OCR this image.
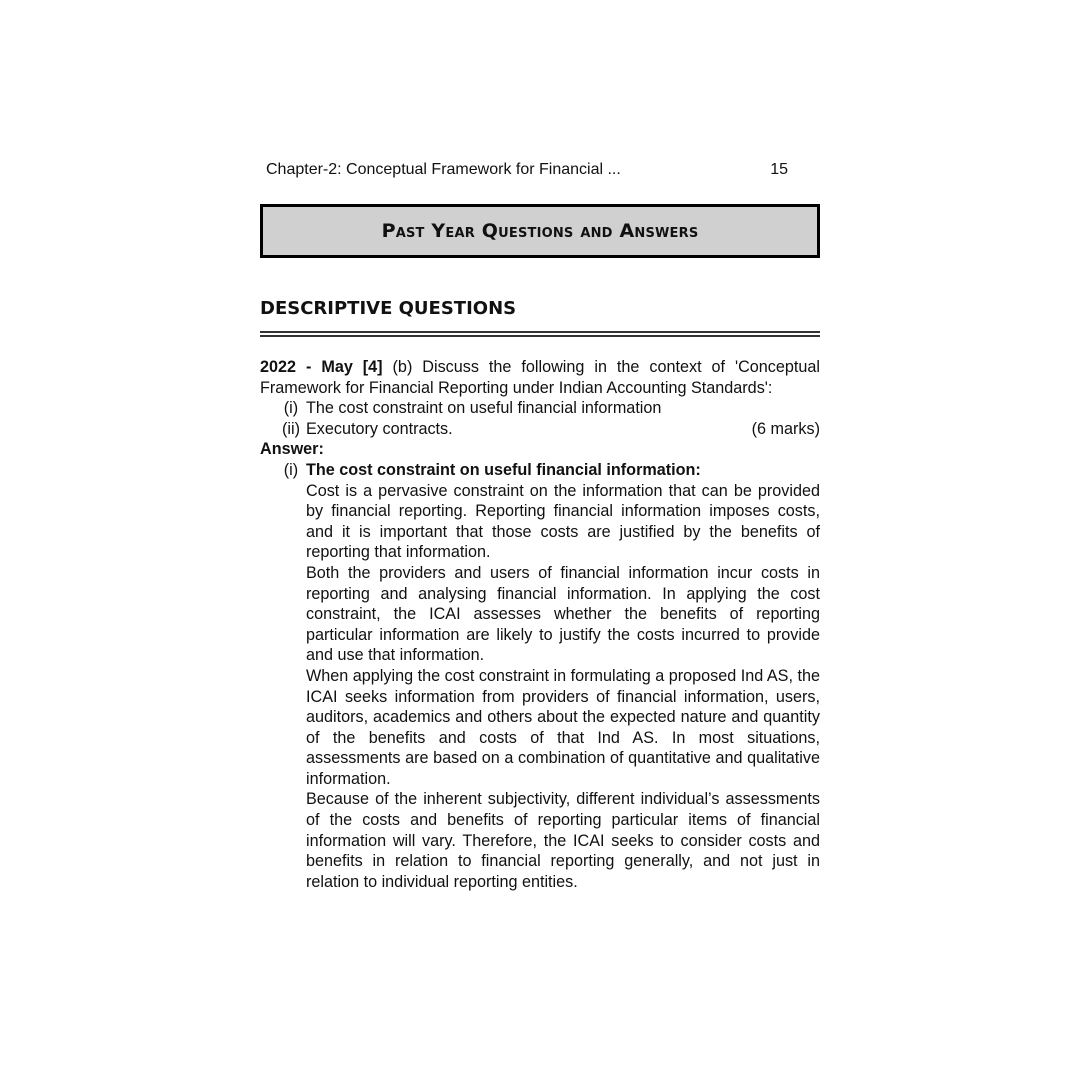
Chapter-2: Conceptual Framework for Financial ...	15
Past Year Questions and Answers
DESCRIPTIVE QUESTIONS

2022 - May [4] (b) Discuss the following in the context of 'Conceptual Framework for Financial Reporting under Indian Accounting Standards':

(i) The cost constraint on useful financial information
(ii) Executory contracts.	(6 marks)
Answer:
(i) The cost constraint on useful financial information:

Cost is a pervasive constraint on the information that can be provided by financial reporting. Reporting financial information imposes costs, and it is important that those costs are justified by the benefits of reporting that information.

Both the providers and users of financial information incur costs in reporting and analysing financial information. In applying the cost constraint, the ICAI assesses whether the benefits of reporting particular information are likely to justify the costs incurred to provide and use that information.

When applying the cost constraint in formulating a proposed Ind AS, the ICAI seeks information from providers of financial information, users, auditors, academics and others about the expected nature and quantity of the benefits and costs of that Ind AS. In most situations, assessments are based on a combination of quantitative and qualitative information.

Because of the inherent subjectivity, different individual’s assessments of the costs and benefits of reporting particular items of financial information will vary. Therefore, the ICAI seeks to consider costs and benefits in relation to financial reporting generally, and not just in relation to individual reporting entities.
